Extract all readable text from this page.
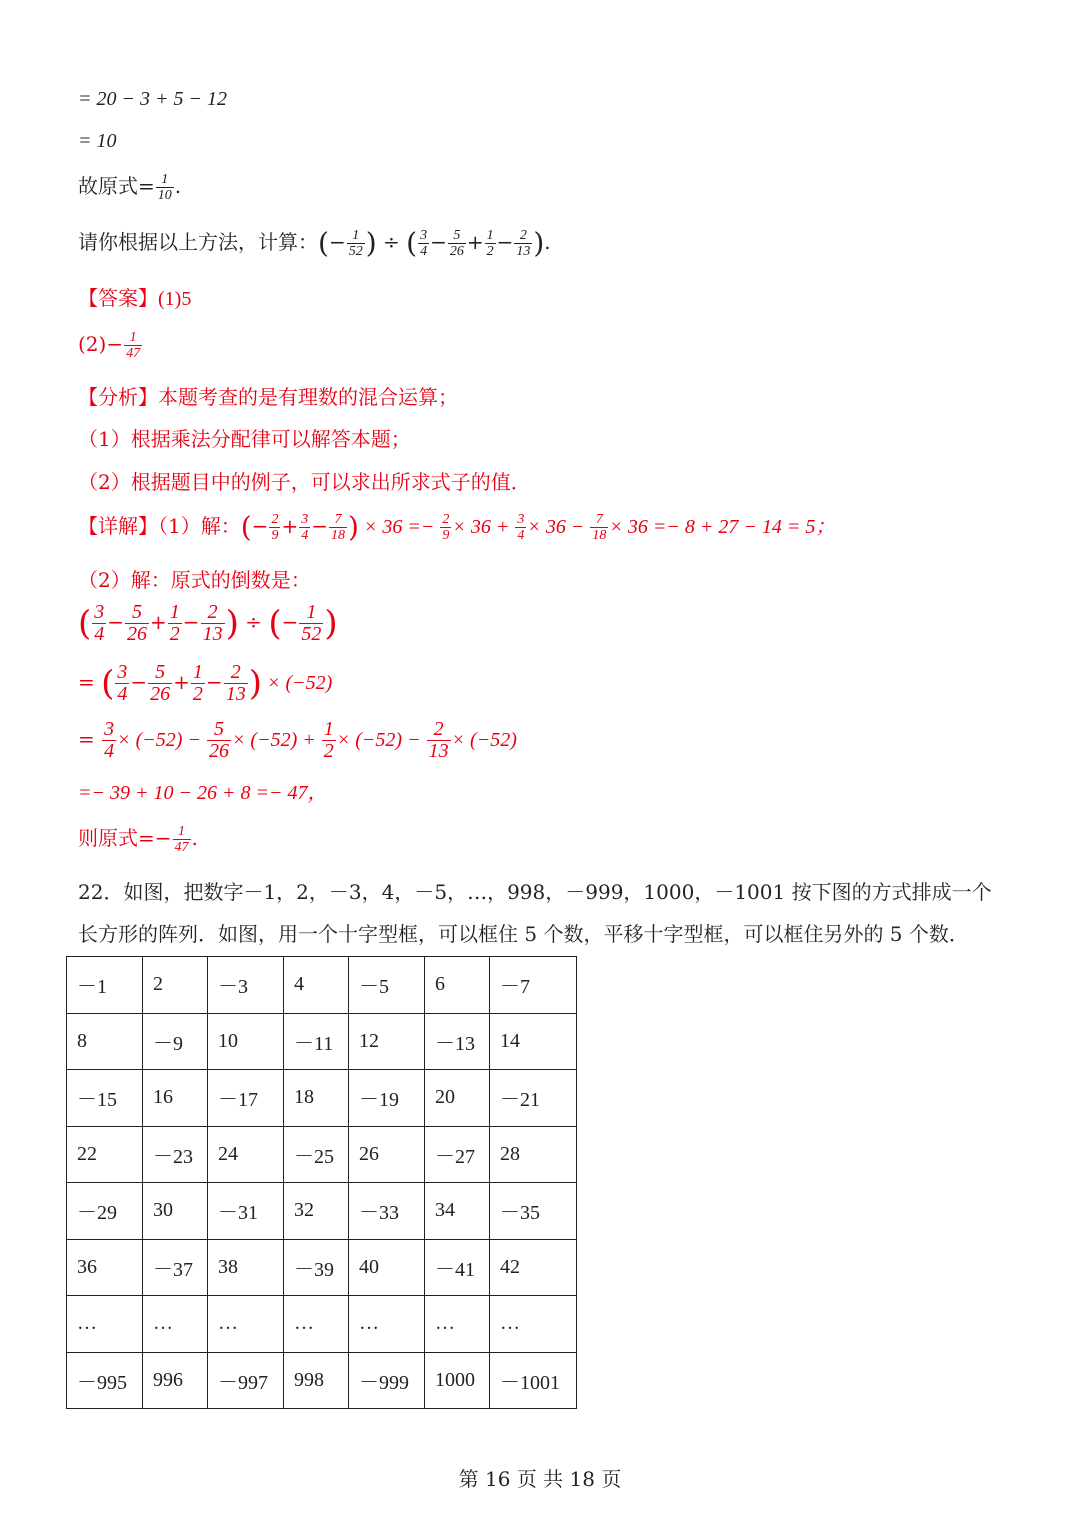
= 20 − 3 + 5 − 12
= 10
故原式= $\frac{1}{10}$ .
请你根据以上方法，计算：(− $\frac{1}{52}$ ) ÷ ( $\frac{3}{4} - \frac{5}{26} + \frac{1}{2} - \frac{2}{13}$ ).
【答案】(1)5
$(2)- \frac{1}{47}$
【分析】本题考查的是有理数的混合运算；
（1）根据乘法分配律可以解答本题；
（2）根据题目中的例子，可以求出所求式子的值．
【详解】（1）解：(− $\frac{2}{9} + \frac{3}{4} - \frac{7}{18}$ ) × $36 =- \frac{2}{9} \times 36 + \frac{3}{4} \times 36 - \frac{7}{18} \times 36 =- 8 + 27 - 14 = 5$；
（2）解：原式的倒数是：
( $\frac{3}{4} - \frac{5}{26} + \frac{1}{2} - \frac{2}{13}$ ) ÷ (− $\frac{1}{52}$ )
= ( $\frac{3}{4} - \frac{5}{26} + \frac{1}{2} - \frac{2}{13}$ ) × (−52)
= $\frac{3}{4} \times (-52) - \frac{5}{26} \times (-52) + \frac{1}{2} \times (-52) - \frac{2}{13} \times (-52)$
=− 39 + 10 − 26 + 8 =− 47，
则原式=− $\frac{1}{47}$ .
22．如图，把数字－1，2，－3，4，－5，…，998，－999，1000，－1001 按下图的方式排成一个
长方形的阵列．如图，用一个十字型框，可以框住 5 个数，平移十字型框，可以框住另外的 5 个数．
－1	2	－3	4	－5	6	－7
8	－9	10	－11	12	－13	14
－15	16	－17	18	－19	20	－21
22	－23	24	－25	26	－27	28
－29	30	－31	32	－33	34	－35
36	－37	38	－39	40	－41	42
…	…	…	…	…	…	…
－995	996	－997	998	－999	1000	－1001
第 16 页 共 18 页
